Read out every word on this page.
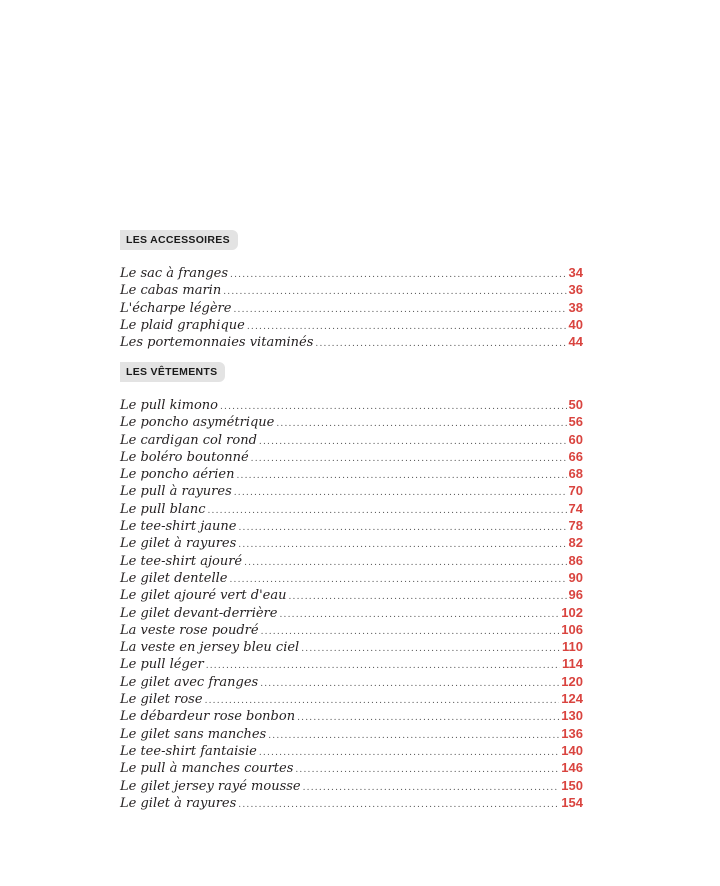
LES ACCESSOIRES
Le sac à franges .....	34
Le cabas marin .....	36
L'écharpe légère .....	38
Le plaid graphique .....	40
Les portemonnaies vitaminés .....	44
LES VÊTEMENTS
Le pull kimono .....	50
Le poncho asymétrique .....	56
Le cardigan col rond .....	60
Le boléro boutonné .....	66
Le poncho aérien .....	68
Le pull à rayures .....	70
Le pull blanc .....	74
Le tee-shirt jaune .....	78
Le gilet à rayures .....	82
Le tee-shirt ajouré .....	86
Le gilet dentelle .....	90
Le gilet ajouré vert d'eau .....	96
Le gilet devant-derrière .....	102
La veste rose poudré .....	106
La veste en jersey bleu ciel .....	110
Le pull léger .....	114
Le gilet avec franges .....	120
Le gilet rose .....	124
Le débardeur rose bonbon .....	130
Le gilet sans manches .....	136
Le tee-shirt fantaisie .....	140
Le pull à manches courtes .....	146
Le gilet jersey rayé mousse .....	150
Le gilet à rayures .....	154
